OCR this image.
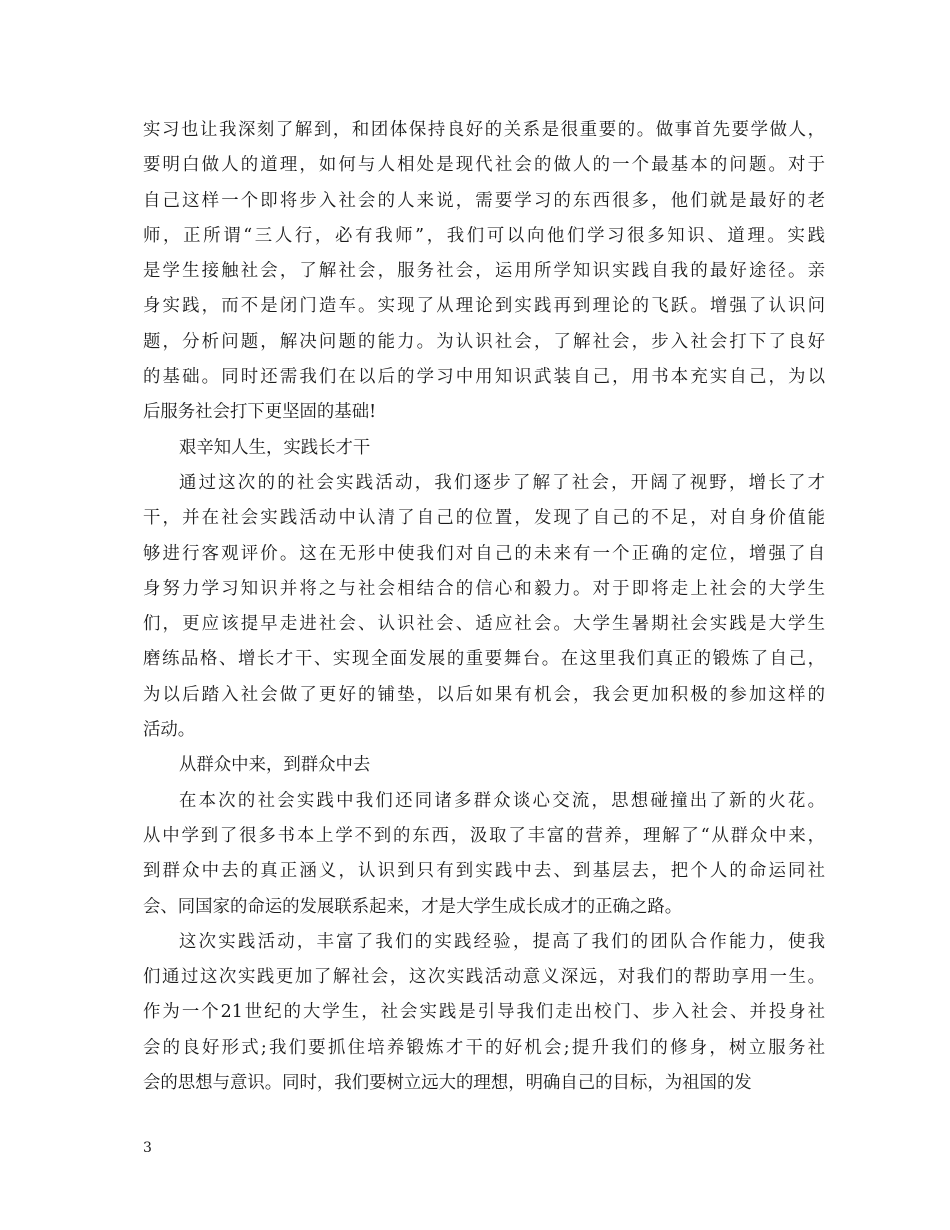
实习也让我深刻了解到，和团体保持良好的关系是很重要的。做事首先要学做人，
要明白做人的道理，如何与人相处是现代社会的做人的一个最基本的问题。对于
自己这样一个即将步入社会的人来说，需要学习的东西很多，他们就是最好的老
师，正所谓“三人行，必有我师”，我们可以向他们学习很多知识、道理。实践
是学生接触社会，了解社会，服务社会，运用所学知识实践自我的最好途径。亲
身实践，而不是闭门造车。实现了从理论到实践再到理论的飞跃。增强了认识问
题，分析问题，解决问题的能力。为认识社会，了解社会，步入社会打下了良好
的基础。同时还需我们在以后的学习中用知识武装自己，用书本充实自己，为以
后服务社会打下更坚固的基础!
艰辛知人生，实践长才干
通过这次的的社会实践活动，我们逐步了解了社会，开阔了视野，增长了才
干，并在社会实践活动中认清了自己的位置，发现了自己的不足，对自身价值能
够进行客观评价。这在无形中使我们对自己的未来有一个正确的定位，增强了自
身努力学习知识并将之与社会相结合的信心和毅力。对于即将走上社会的大学生
们，更应该提早走进社会、认识社会、适应社会。大学生暑期社会实践是大学生
磨练品格、增长才干、实现全面发展的重要舞台。在这里我们真正的锻炼了自己，
为以后踏入社会做了更好的铺垫，以后如果有机会，我会更加积极的参加这样的
活动。
从群众中来，到群众中去
在本次的社会实践中我们还同诸多群众谈心交流，思想碰撞出了新的火花。
从中学到了很多书本上学不到的东西，汲取了丰富的营养，理解了“从群众中来，
到群众中去的真正涵义，认识到只有到实践中去、到基层去，把个人的命运同社
会、同国家的命运的发展联系起来，才是大学生成长成才的正确之路。
这次实践活动，丰富了我们的实践经验，提高了我们的团队合作能力，使我
们通过这次实践更加了解社会，这次实践活动意义深远，对我们的帮助享用一生。
作为一个21世纪的大学生，社会实践是引导我们走出校门、步入社会、并投身社
会的良好形式;我们要抓住培养锻炼才干的好机会;提升我们的修身，树立服务社
会的思想与意识。同时，我们要树立远大的理想，明确自己的目标，为祖国的发
3
